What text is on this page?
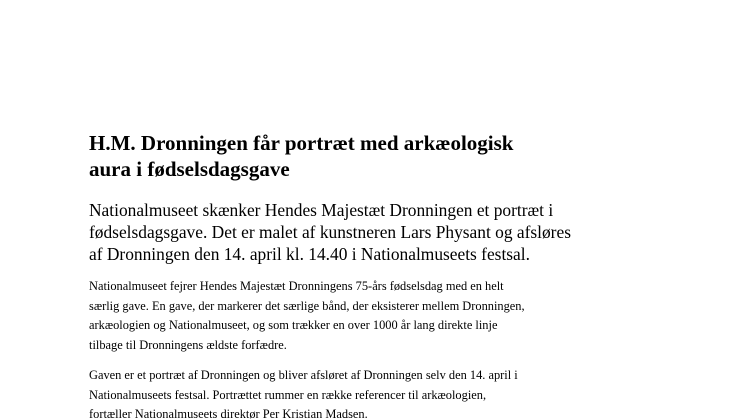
H.M. Dronningen får portræt med arkæologisk
aura i fødselsdagsgave

Nationalmuseet skænker Hendes Majestæt Dronningen et portræt i
fødselsdagsgave. Det er malet af kunstneren Lars Physant og afsløres
af Dronningen den 14. april kl. 14.40 i Nationalmuseets festsal.

Nationalmuseet fejrer Hendes Majestæt Dronningens 75-års fødselsdag med en helt
særlig gave. En gave, der markerer det særlige bånd, der eksisterer mellem Dronningen,
arkæologien og Nationalmuseet, og som trækker en over 1000 år lang direkte linje
tilbage til Dronningens ældste forfædre.

Gaven er et portræt af Dronningen og bliver afsløret af Dronningen selv den 14. april i
Nationalmuseets festsal. Portrættet rummer en række referencer til arkæologien,
fortæller Nationalmuseets direktør Per Kristian Madsen.
